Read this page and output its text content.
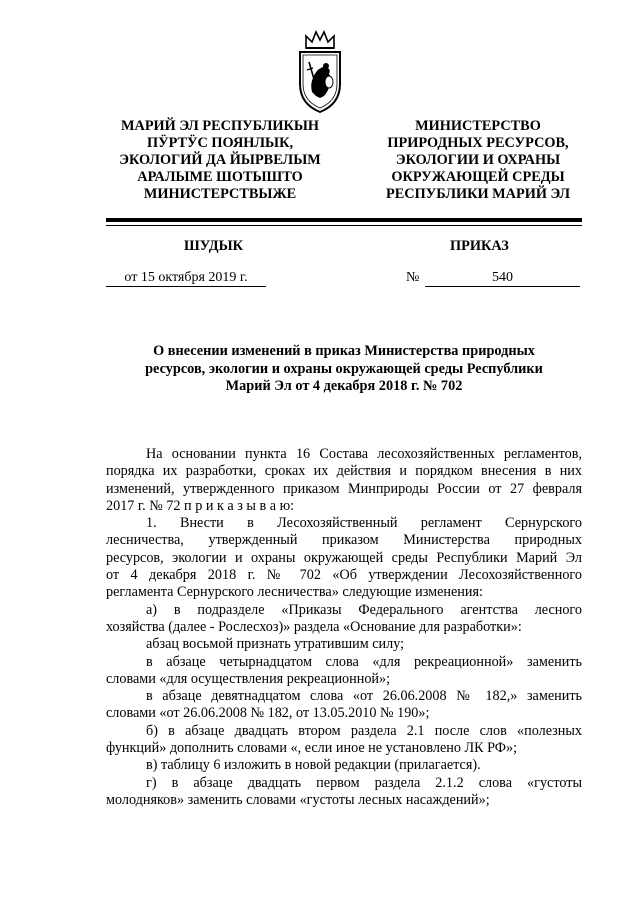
МАРИЙ ЭЛ РЕСПУБЛИКЫН
ПӰРТӰС ПОЯНЛЫК,
ЭКОЛОГИЙ ДА ЙЫРВЕЛЫМ
АРАЛЫМЕ ШОТЫШТО
МИНИСТЕРСТВЫЖЕ
МИНИСТЕРСТВО
ПРИРОДНЫХ РЕСУРСОВ,
ЭКОЛОГИИ И ОХРАНЫ
ОКРУЖАЮЩЕЙ СРЕДЫ
РЕСПУБЛИКИ МАРИЙ ЭЛ
ШУДЫК	ПРИКАЗ
от 15 октября 2019 г.	№	540
О внесении изменений в приказ Министерства природных
ресурсов, экологии и охраны окружающей среды Республики
Марий Эл от 4 декабря 2018 г. № 702
На основании пункта 16 Состава лесохозяйственных регламентов,
порядка их разработки, сроках их действия и порядком внесения в них
изменений, утвержденного приказом Минприроды России от 27 февраля
2017 г. № 72 п р и к а з ы в а ю:
1. Внести в Лесохозяйственный регламент Сернурского
лесничества, утвержденный приказом Министерства природных
ресурсов, экологии и охраны окружающей среды Республики Марий Эл
от 4 декабря 2018 г. № 702 «Об утверждении Лесохозяйственного
регламента Сернурского лесничества» следующие изменения:
а) в подразделе «Приказы Федерального агентства лесного
хозяйства (далее - Рослесхоз)» раздела «Основание для разработки»:
абзац восьмой признать утратившим силу;
в абзаце четырнадцатом слова «для рекреационной» заменить
словами «для осуществления рекреационной»;
в абзаце девятнадцатом слова «от 26.06.2008 № 182,» заменить
словами «от 26.06.2008 № 182, от 13.05.2010 № 190»;
б) в абзаце двадцать втором раздела 2.1 после слов «полезных
функций» дополнить словами «, если иное не установлено ЛК РФ»;
в) таблицу 6 изложить в новой редакции (прилагается).
г) в абзаце двадцать первом раздела 2.1.2 слова «густоты
молодняков» заменить словами «густоты лесных насаждений»;
